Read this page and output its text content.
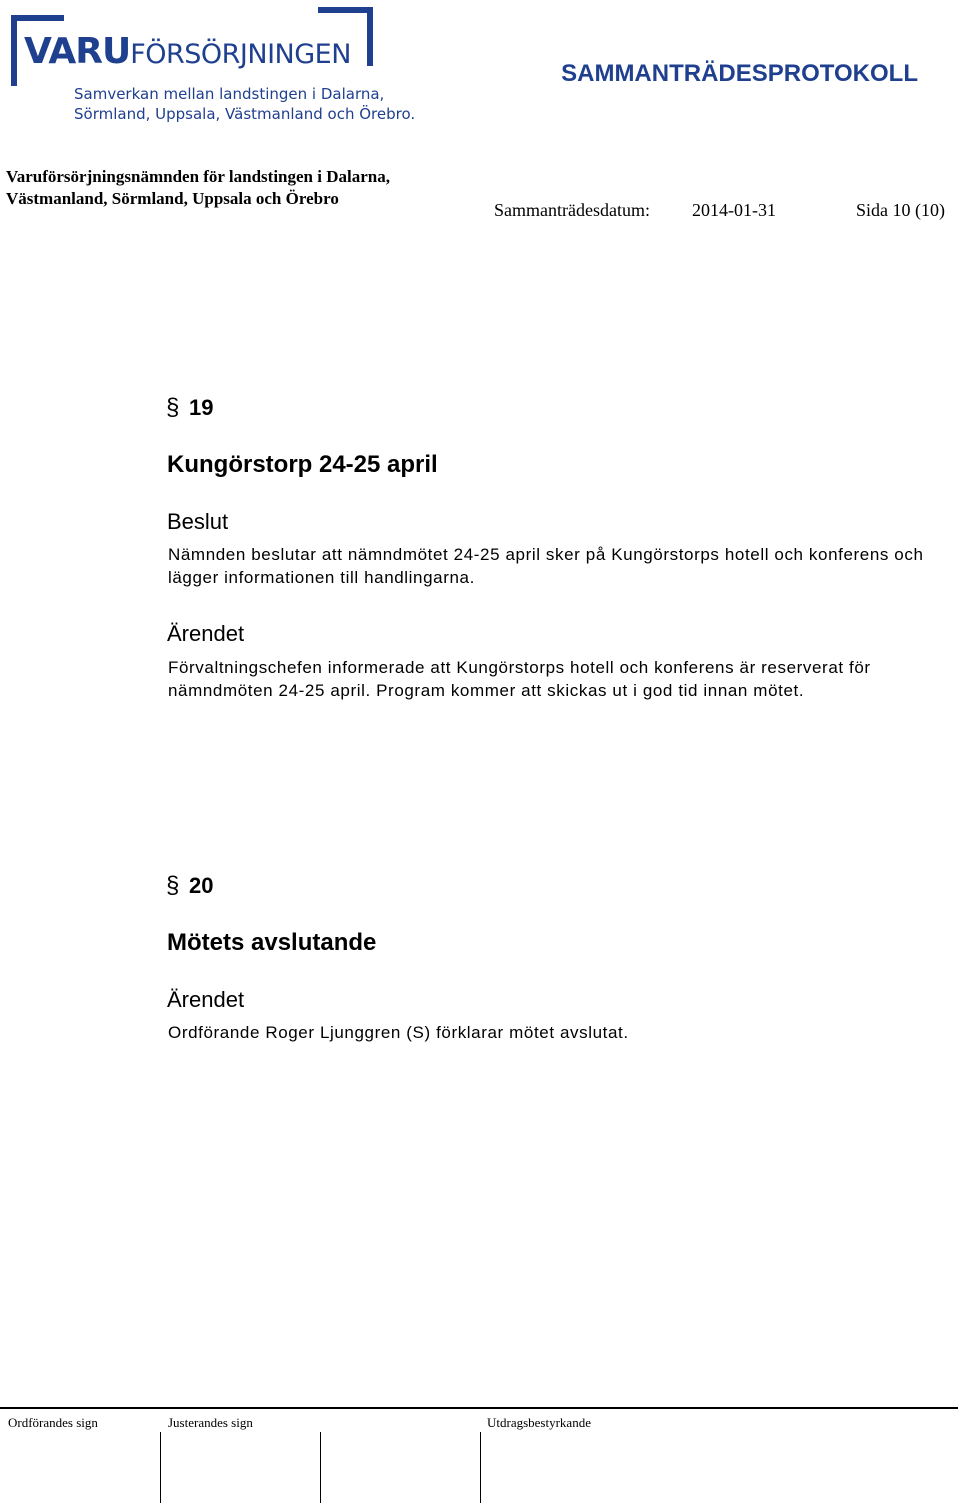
VARUFÖRSÖRJNINGEN
Samverkan mellan landstingen i Dalarna,
Sörmland, Uppsala, Västmanland och Örebro.
SAMMANTRÄDESPROTOKOLL
Varuförsörjningsnämnden för landstingen i Dalarna,
Västmanland, Sörmland, Uppsala och Örebro
Sammanträdesdatum: 2014-01-31	Sida 10 (10)
§ 19
Kungörstorp 24-25 april
Beslut
Nämnden beslutar att nämndmötet 24-25 april sker på Kungörstorps hotell och konferens och lägger informationen till handlingarna.
Ärendet
Förvaltningschefen informerade att Kungörstorps hotell och konferens är reserverat för nämndmöten 24-25 april. Program kommer att skickas ut i god tid innan mötet.
§ 20
Mötets avslutande
Ärendet
Ordförande Roger Ljunggren (S) förklarar mötet avslutat.
Ordförandes sign	Justerandes sign	Utdragsbestyrkande
